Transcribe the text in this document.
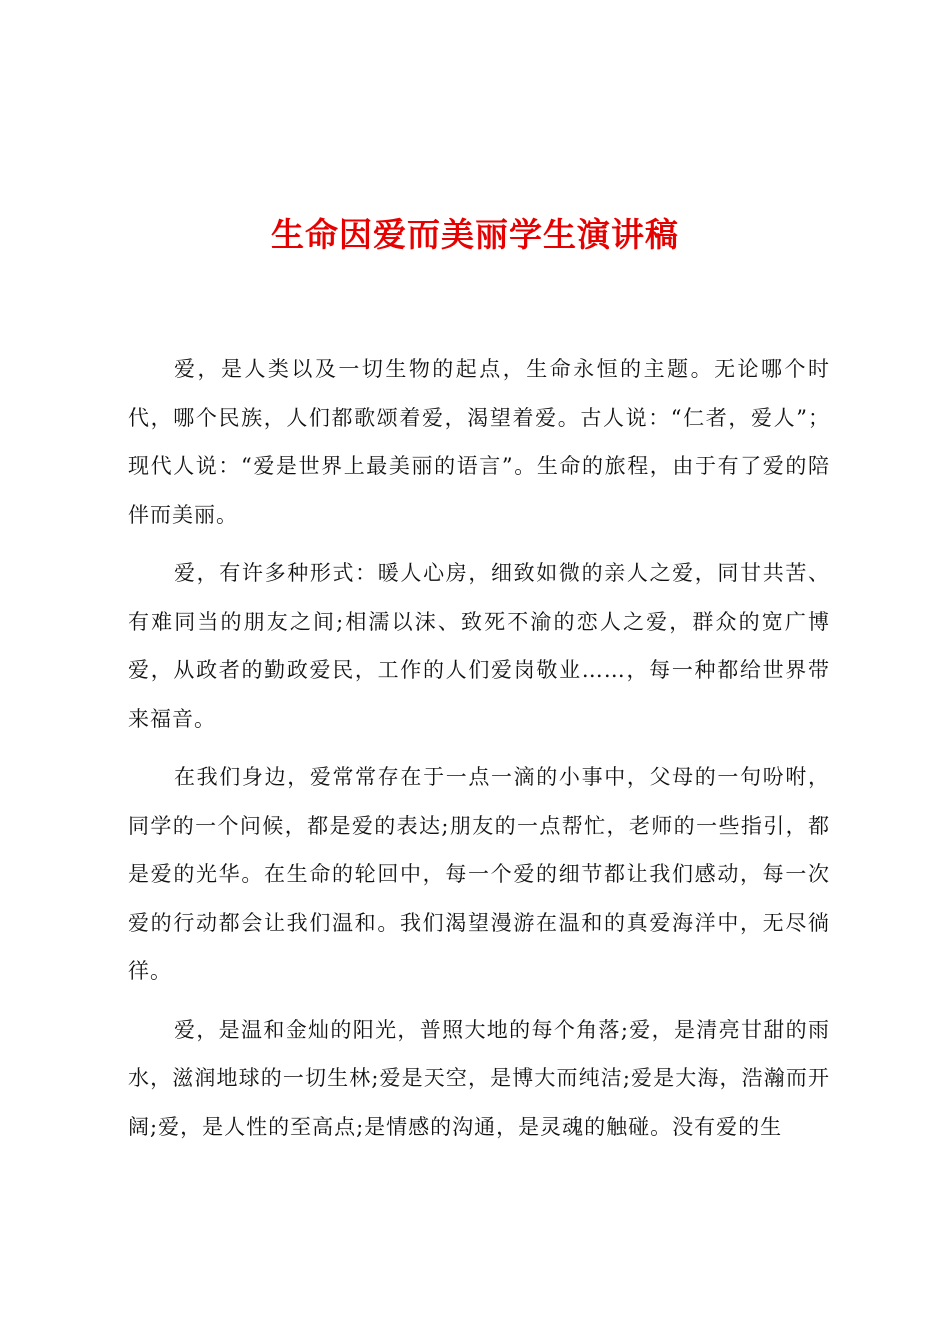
生命因爱而美丽学生演讲稿

爱，是人类以及一切生物的起点，生命永恒的主题。无论哪个时代，哪个民族，人们都歌颂着爱，渴望着爱。古人说：“仁者，爱人”；现代人说：“爱是世界上最美丽的语言”。生命的旅程，由于有了爱的陪伴而美丽。

爱，有许多种形式：暖人心房，细致如微的亲人之爱，同甘共苦、有难同当的朋友之间;相濡以沫、致死不渝的恋人之爱，群众的宽广博爱，从政者的勤政爱民，工作的人们爱岗敬业……，每一种都给世界带来福音。

在我们身边，爱常常存在于一点一滴的小事中，父母的一句吩咐，同学的一个问候，都是爱的表达;朋友的一点帮忙，老师的一些指引，都是爱的光华。在生命的轮回中，每一个爱的细节都让我们感动，每一次爱的行动都会让我们温和。我们渴望漫游在温和的真爱海洋中，无尽徜徉。

爱，是温和金灿的阳光，普照大地的每个角落;爱，是清亮甘甜的雨水，滋润地球的一切生林;爱是天空，是博大而纯洁;爱是大海，浩瀚而开阔;爱，是人性的至高点;是情感的沟通，是灵魂的触碰。没有爱的生
